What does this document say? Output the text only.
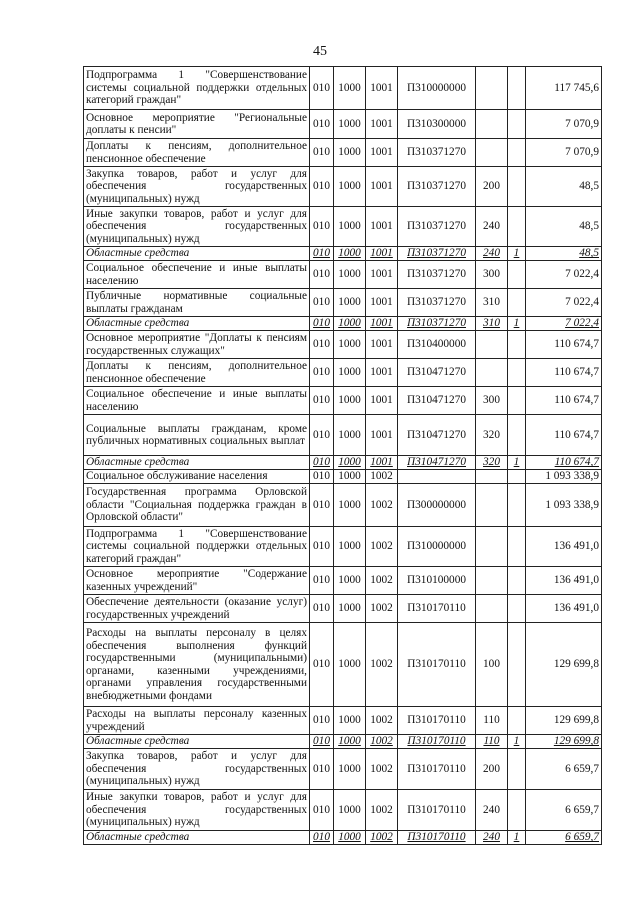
45
Подпрограмма 1 "Совершенствование системы социальной поддержки отдельных категорий граждан"	010	1000	1001	П310000000			117 745,6
Основное мероприятие "Региональные доплаты к пенсии"	010	1000	1001	П310300000			7 070,9
Доплаты к пенсиям, дополнительное пенсионное обеспечение	010	1000	1001	П310371270			7 070,9
Закупка товаров, работ и услуг для обеспечения государственных (муниципальных) нужд	010	1000	1001	П310371270	200		48,5
Иные закупки товаров, работ и услуг для обеспечения государственных (муниципальных) нужд	010	1000	1001	П310371270	240		48,5
Областные средства	010	1000	1001	П310371270	240	1	48,5
Социальное обеспечение и иные выплаты населению	010	1000	1001	П310371270	300		7 022,4
Публичные нормативные социальные выплаты гражданам	010	1000	1001	П310371270	310		7 022,4
Областные средства	010	1000	1001	П310371270	310	1	7 022,4
Основное мероприятие "Доплаты к пенсиям государственных служащих"	010	1000	1001	П310400000			110 674,7
Доплаты к пенсиям, дополнительное пенсионное обеспечение	010	1000	1001	П310471270			110 674,7
Социальное обеспечение и иные выплаты населению	010	1000	1001	П310471270	300		110 674,7
Социальные выплаты гражданам, кроме публичных нормативных социальных выплат	010	1000	1001	П310471270	320		110 674,7
Областные средства	010	1000	1001	П310471270	320	1	110 674,7
Социальное обслуживание населения	010	1000	1002				1 093 338,9
Государственная программа Орловской области "Социальная поддержка граждан в Орловской области"	010	1000	1002	П300000000			1 093 338,9
Подпрограмма 1 "Совершенствование системы социальной поддержки отдельных категорий граждан"	010	1000	1002	П310000000			136 491,0
Основное мероприятие "Содержание казенных учреждений"	010	1000	1002	П310100000			136 491,0
Обеспечение деятельности (оказание услуг) государственных учреждений	010	1000	1002	П310170110			136 491,0
Расходы на выплаты персоналу в целях обеспечения выполнения функций государственными (муниципальными) органами, казенными учреждениями, органами управления государственными внебюджетными фондами	010	1000	1002	П310170110	100		129 699,8
Расходы на выплаты персоналу казенных учреждений	010	1000	1002	П310170110	110		129 699,8
Областные средства	010	1000	1002	П310170110	110	1	129 699,8
Закупка товаров, работ и услуг для обеспечения государственных (муниципальных) нужд	010	1000	1002	П310170110	200		6 659,7
Иные закупки товаров, работ и услуг для обеспечения государственных (муниципальных) нужд	010	1000	1002	П310170110	240		6 659,7
Областные средства	010	1000	1002	П310170110	240	1	6 659,7
